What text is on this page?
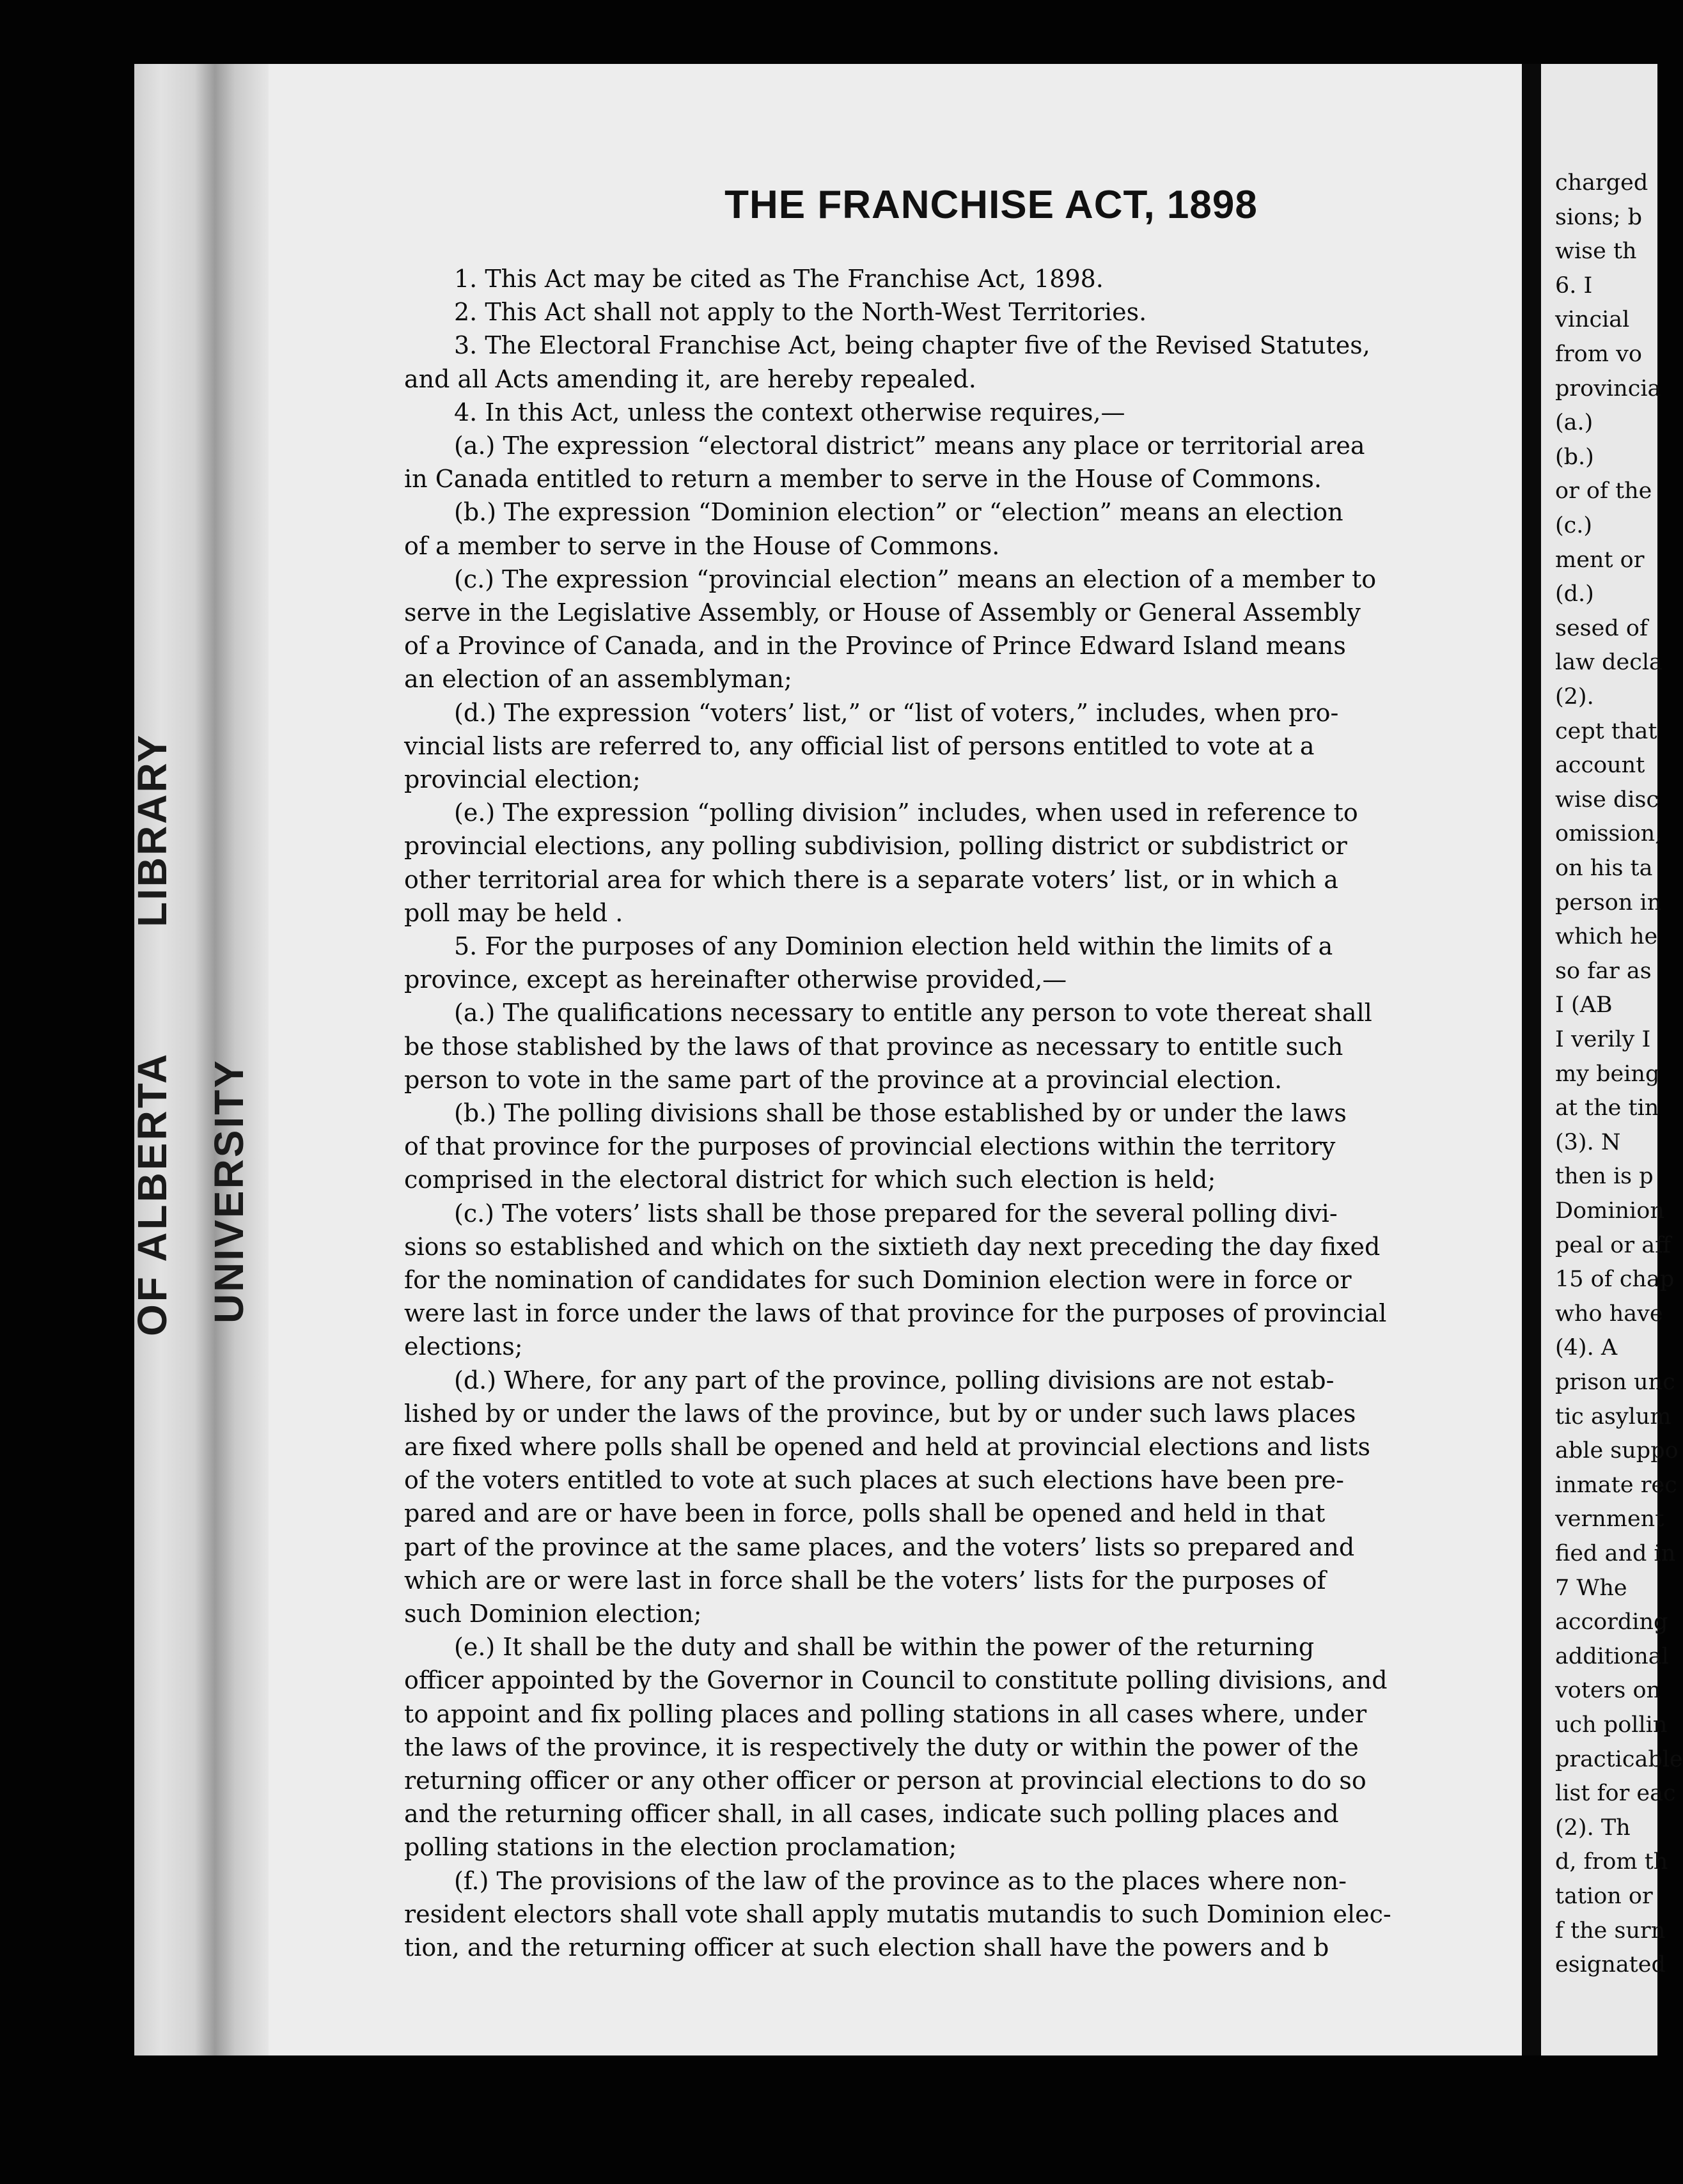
OF ALBERTA UNIVERSITY
LIBRARY
charged
sions; b
wise th
6. I
vincial
from vo
provincia
(a.)
(b.)
or of the
(c.)
ment or
(d.)
sesed of
law decla
(2).
cept that
account
wise disc
omission,
on his ta
person in
which he
so far as
I (AB
I verily I
my being
at the tin
(3). N
then is p
Dominion
peal or aff
15 of chap
who have
(4). A
prison unc
tic asylum
able suppo
inmate rec
vernment
fied and in
7 Whe
according
additional
voters on
uch pollin
practicable
list for eac
(2). Th
d, from th
tation or
f the surn
esignated
THE FRANCHISE ACT, 1898
1. This Act may be cited as The Franchise Act, 1898.
2. This Act shall not apply to the North-West Territories.
3. The Electoral Franchise Act, being chapter five of the Revised Statutes,
and all Acts amending it, are hereby repealed.
4. In this Act, unless the context otherwise requires,—
(a.) The expression “electoral district” means any place or territorial area
in Canada entitled to return a member to serve in the House of Commons.
(b.) The expression “Dominion election” or “election” means an election
of a member to serve in the House of Commons.
(c.) The expression “provincial election” means an election of a member to
serve in the Legislative Assembly, or House of Assembly or General Assembly
of a Province of Canada, and in the Province of Prince Edward Island means
an election of an assemblyman;
(d.) The expression “voters’ list,” or “list of voters,” includes, when pro-
vincial lists are referred to, any official list of persons entitled to vote at a
provincial election;
(e.) The expression “polling division” includes, when used in reference to
provincial elections, any polling subdivision, polling district or subdistrict or
other territorial area for which there is a separate voters’ list, or in which a
poll may be held .
5. For the purposes of any Dominion election held within the limits of a
province, except as hereinafter otherwise provided,—
(a.) The qualifications necessary to entitle any person to vote thereat shall
be those stablished by the laws of that province as necessary to entitle such
person to vote in the same part of the province at a provincial election.
(b.) The polling divisions shall be those established by or under the laws
of that province for the purposes of provincial elections within the territory
comprised in the electoral district for which such election is held;
(c.) The voters’ lists shall be those prepared for the several polling divi-
sions so established and which on the sixtieth day next preceding the day fixed
for the nomination of candidates for such Dominion election were in force or
were last in force under the laws of that province for the purposes of provincial
elections;
(d.) Where, for any part of the province, polling divisions are not estab-
lished by or under the laws of the province, but by or under such laws places
are fixed where polls shall be opened and held at provincial elections and lists
of the voters entitled to vote at such places at such elections have been pre-
pared and are or have been in force, polls shall be opened and held in that
part of the province at the same places, and the voters’ lists so prepared and
which are or were last in force shall be the voters’ lists for the purposes of
such Dominion election;
(e.) It shall be the duty and shall be within the power of the returning
officer appointed by the Governor in Council to constitute polling divisions, and
to appoint and fix polling places and polling stations in all cases where, under
the laws of the province, it is respectively the duty or within the power of the
returning officer or any other officer or person at provincial elections to do so
and the returning officer shall, in all cases, indicate such polling places and
polling stations in the election proclamation;
(f.) The provisions of the law of the province as to the places where non-
resident electors shall vote shall apply mutatis mutandis to such Dominion elec-
tion, and the returning officer at such election shall have the powers and b
